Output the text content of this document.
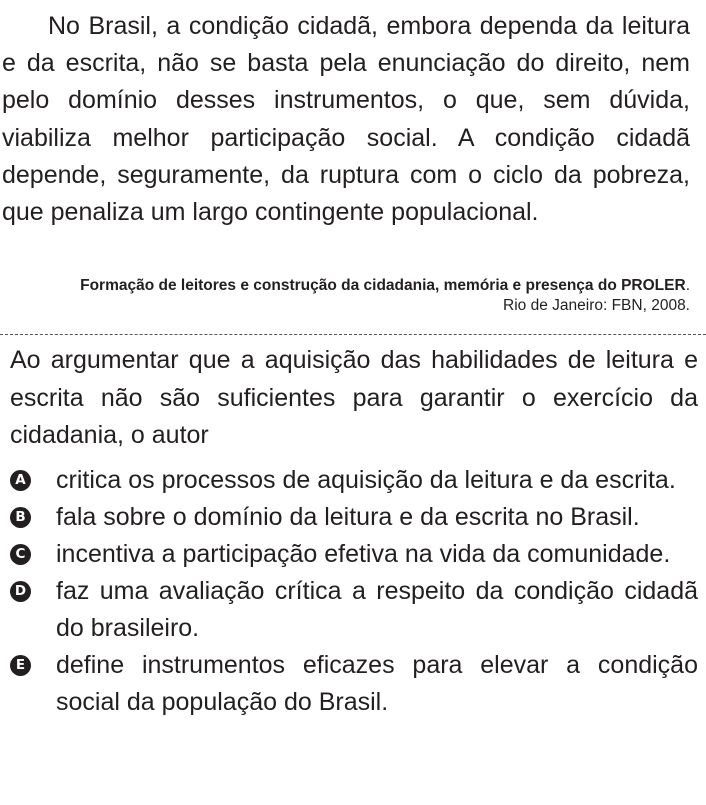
No Brasil, a condição cidadã, embora dependa da leitura e da escrita, não se basta pela enunciação do direito, nem pelo domínio desses instrumentos, o que, sem dúvida, viabiliza melhor participação social. A condição cidadã depende, seguramente, da ruptura com o ciclo da pobreza, que penaliza um largo contingente populacional.

Formação de leitores e construção da cidadania, memória e presença do PROLER.
Rio de Janeiro: FBN, 2008.

Ao argumentar que a aquisição das habilidades de leitura e escrita não são suficientes para garantir o exercício da cidadania, o autor

A critica os processos de aquisição da leitura e da escrita.
B fala sobre o domínio da leitura e da escrita no Brasil.
C incentiva a participação efetiva na vida da comunidade.
D faz uma avaliação crítica a respeito da condição cidadã do brasileiro.
E define instrumentos eficazes para elevar a condição social da população do Brasil.
